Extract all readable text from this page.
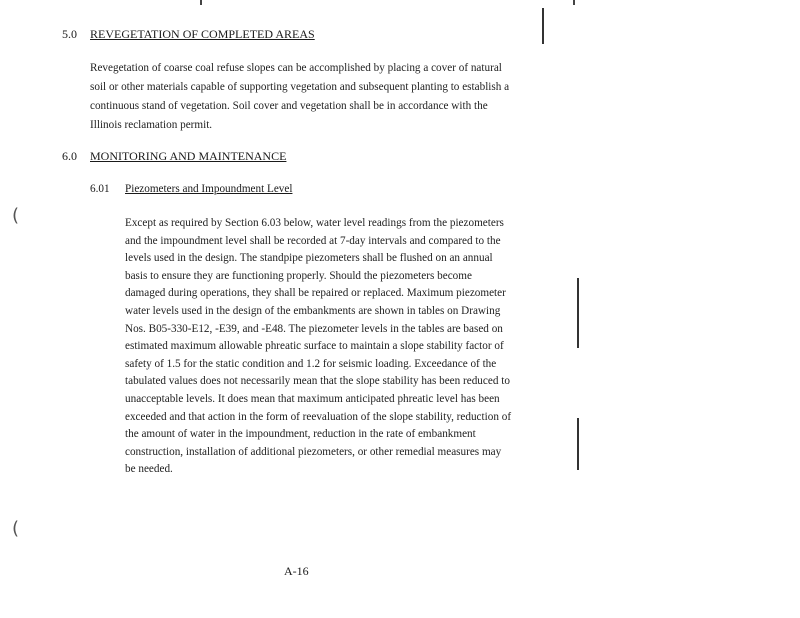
(
(
5.0 REVEGETATION OF COMPLETED AREAS
Revegetation of coarse coal refuse slopes can be accomplished by placing a cover of natural
soil or other materials capable of supporting vegetation and subsequent planting to establish a
continuous stand of vegetation. Soil cover and vegetation shall be in accordance with the
Illinois reclamation permit.
6.0 MONITORING AND MAINTENANCE
6.01 Piezometers and Impoundment Level
Except as required by Section 6.03 below, water level readings from the piezometers
and the impoundment level shall be recorded at 7-day intervals and compared to the
levels used in the design. The standpipe piezometers shall be flushed on an annual
basis to ensure they are functioning properly. Should the piezometers become
damaged during operations, they shall be repaired or replaced. Maximum piezometer
water levels used in the design of the embankments are shown in tables on Drawing
Nos. B05-330-E12, -E39, and -E48. The piezometer levels in the tables are based on
estimated maximum allowable phreatic surface to maintain a slope stability factor of
safety of 1.5 for the static condition and 1.2 for seismic loading. Exceedance of the
tabulated values does not necessarily mean that the slope stability has been reduced to
unacceptable levels. It does mean that maximum anticipated phreatic level has been
exceeded and that action in the form of reevaluation of the slope stability, reduction of
the amount of water in the impoundment, reduction in the rate of embankment
construction, installation of additional piezometers, or other remedial measures may
be needed.
A-16
